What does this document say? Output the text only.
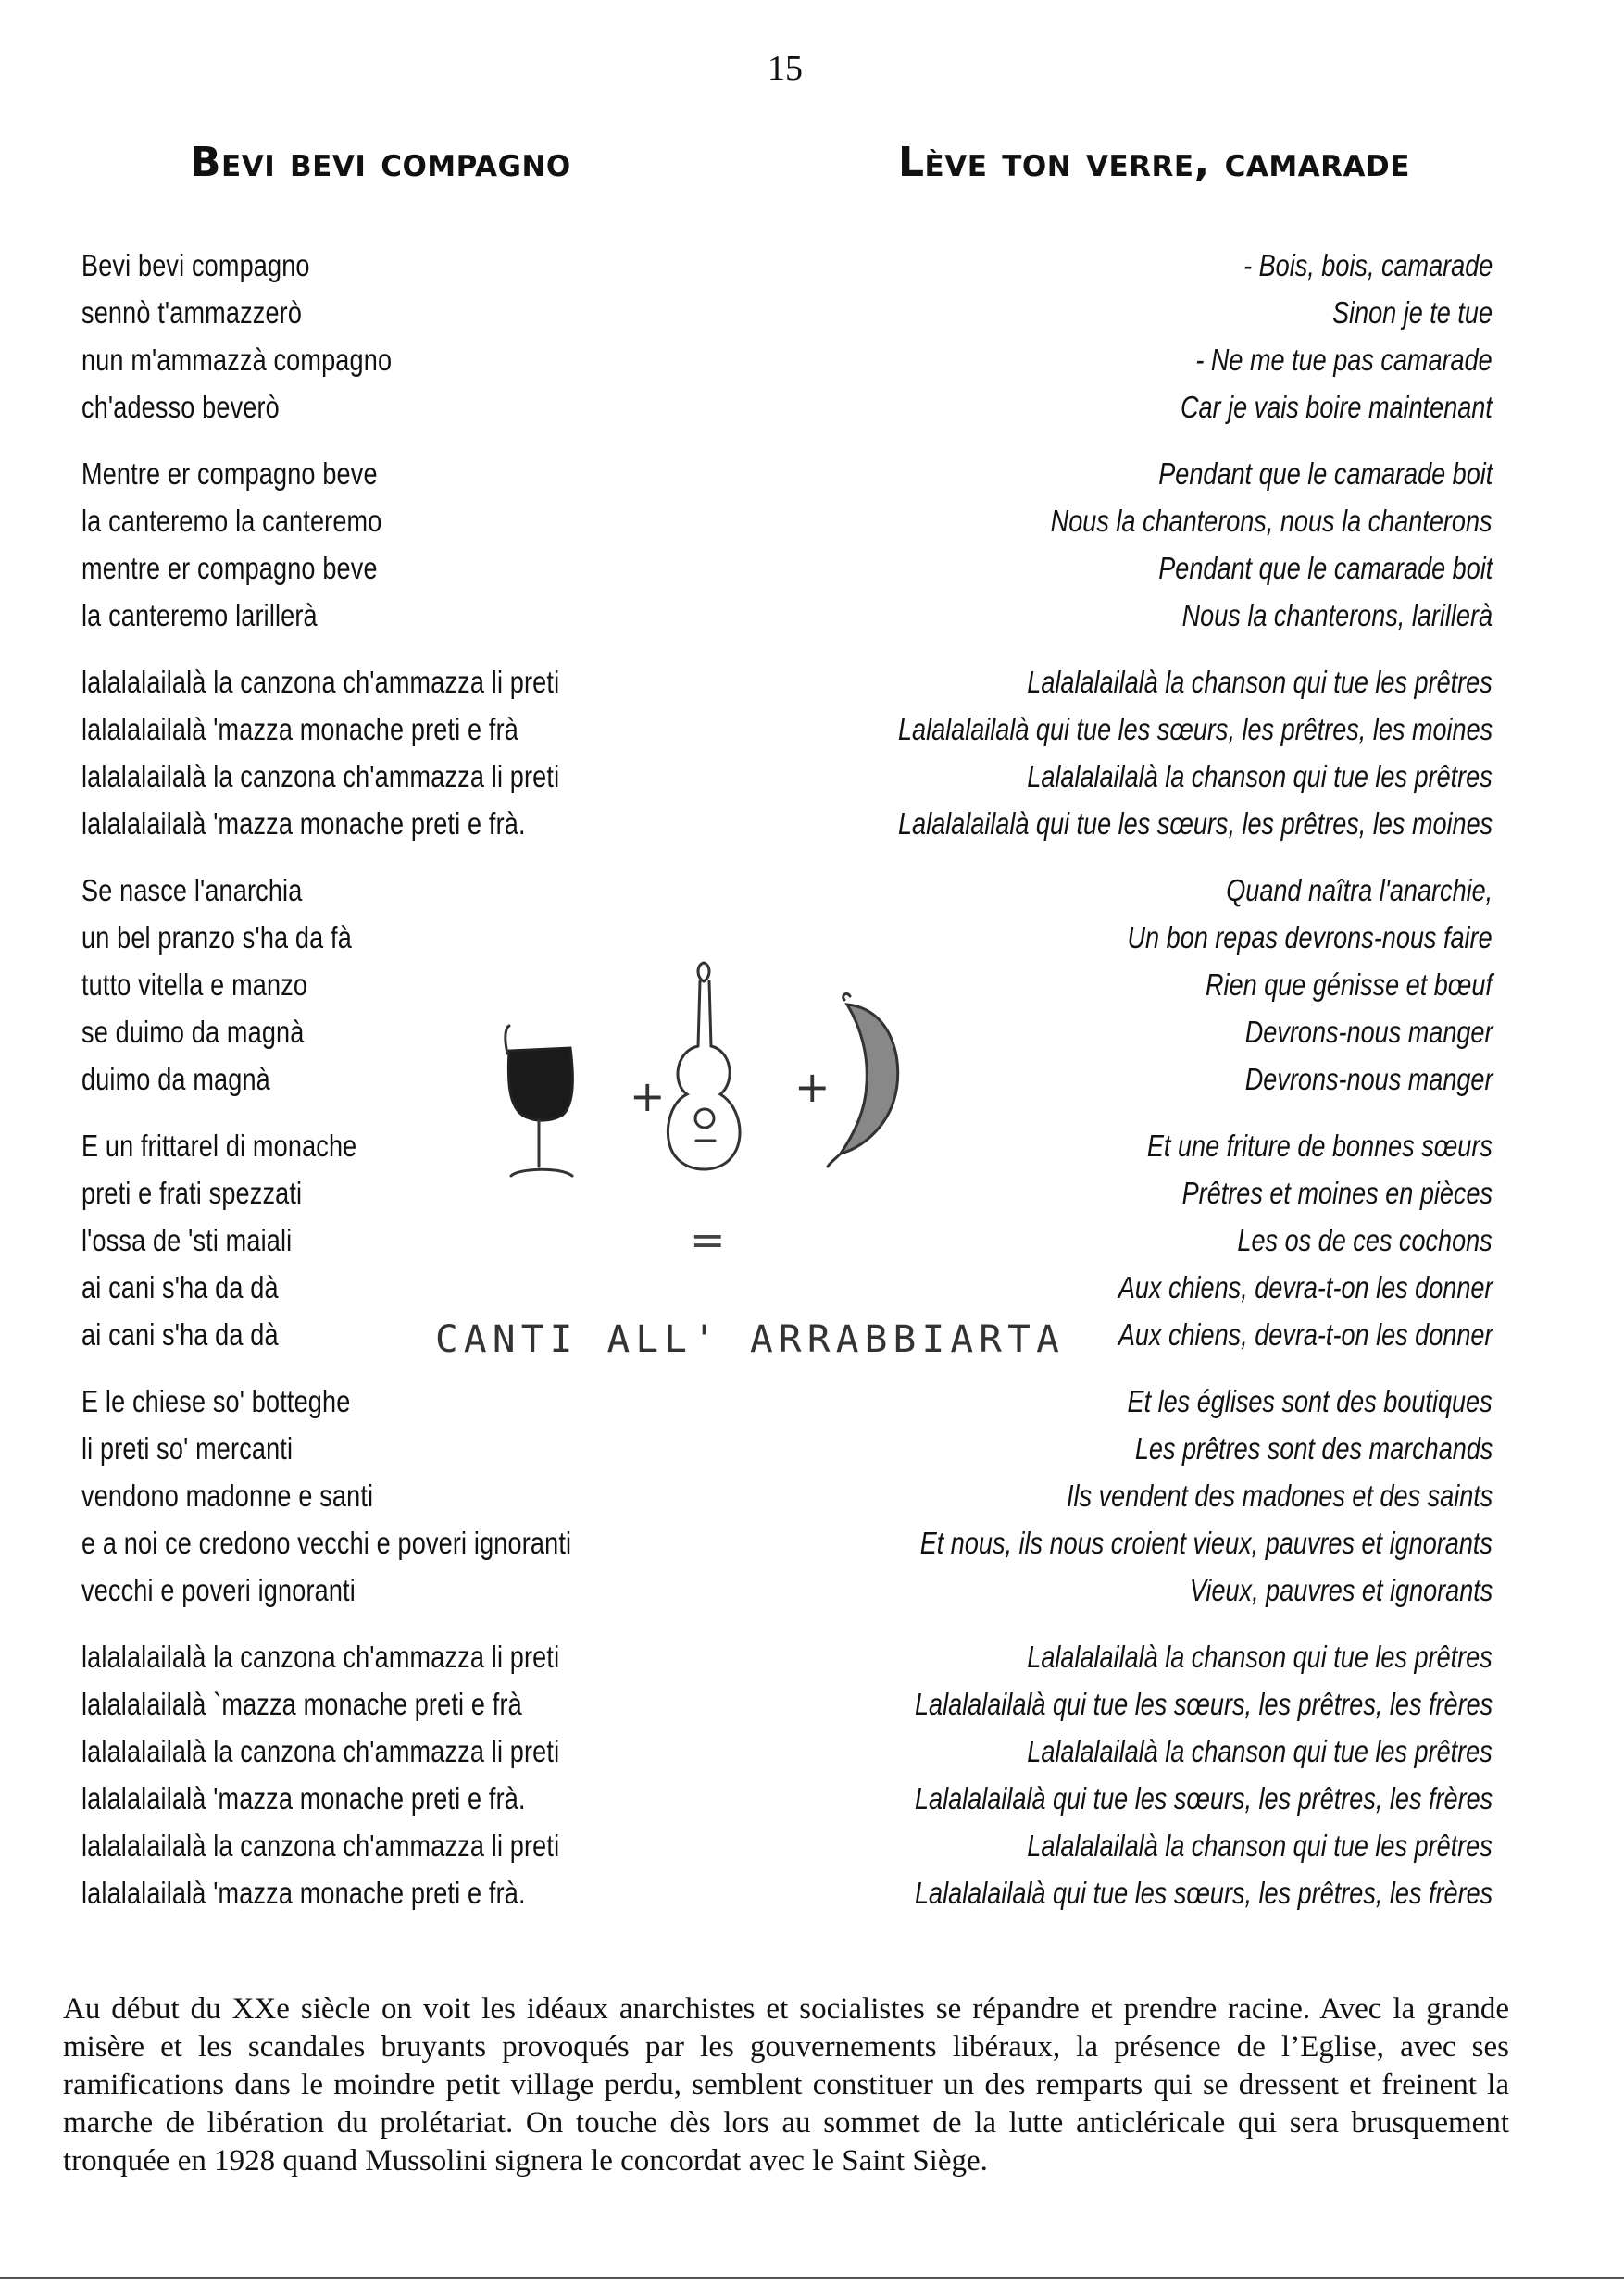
15
Bevi bevi compagno	Lève ton verre, camarade
Bevi bevi compagno
sennò t'ammazzerò
nun m'ammazzà compagno
ch'adesso beverò
Mentre er compagno beve
la canteremo la canteremo
mentre er compagno beve
la canteremo larillerà
lalalalailalà la canzona ch'ammazza li preti
lalalalailalà 'mazza monache preti e frà
lalalalailalà la canzona ch'ammazza li preti
lalalalailalà 'mazza monache preti e frà.
Se nasce l'anarchia
un bel pranzo s'ha da fà
tutto vitella e manzo
se duimo da magnà
duimo da magnà
E un frittarel di monache
preti e frati spezzati
l'ossa de 'sti maiali
ai cani s'ha da dà
ai cani s'ha da dà
E le chiese so' botteghe
li preti so' mercanti
vendono madonne e santi
e a noi ce credono vecchi e poveri ignoranti
vecchi e poveri ignoranti
lalalalailalà la canzona ch'ammazza li preti
lalalalailalà `mazza monache preti e frà
lalalalailalà la canzona ch'ammazza li preti
lalalalailalà 'mazza monache preti e frà.
lalalalailalà la canzona ch'ammazza li preti
lalalalailalà 'mazza monache preti e frà.
- Bois, bois, camarade
Sinon je te tue
- Ne me tue pas camarade
Car je vais boire maintenant
Pendant que le camarade boit
Nous la chanterons, nous la chanterons
Pendant que le camarade boit
Nous la chanterons, larillerà
Lalalalailalà la chanson qui tue les prêtres
Lalalalailalà qui tue les sœurs, les prêtres, les moines
Lalalalailalà la chanson qui tue les prêtres
Lalalalailalà qui tue les sœurs, les prêtres, les moines
Quand naîtra l'anarchie,
Un bon repas devrons-nous faire
Rien que génisse et bœuf
Devrons-nous manger
Devrons-nous manger
Et une friture de bonnes sœurs
Prêtres et moines en pièces
Les os de ces cochons
Aux chiens, devra-t-on les donner
Aux chiens, devra-t-on les donner
Et les églises sont des boutiques
Les prêtres sont des marchands
Ils vendent des madones et des saints
Et nous, ils nous croient vieux, pauvres et ignorants
Vieux, pauvres et ignorants
Lalalalailalà la chanson qui tue les prêtres
Lalalalailalà qui tue les sœurs, les prêtres, les frères
Lalalalailalà la chanson qui tue les prêtres
Lalalalailalà qui tue les sœurs, les prêtres, les frères
Lalalalailalà la chanson qui tue les prêtres
Lalalalailalà qui tue les sœurs, les prêtres, les frères
+	+
=
CANTI ALL' ARRABBIARTA
Au début du XXe siècle on voit les idéaux anarchistes et socialistes se répandre et prendre racine. Avec la grande misère et les scandales bruyants provoqués par les gouvernements libéraux, la présence de l’Eglise, avec ses ramifications dans le moindre petit village perdu, semblent constituer un des remparts qui se dressent et freinent la marche de libération du prolétariat. On touche dès lors au sommet de la lutte anticléricale qui sera brusquement tronquée en 1928 quand Mussolini signera le concordat avec le Saint Siège.
